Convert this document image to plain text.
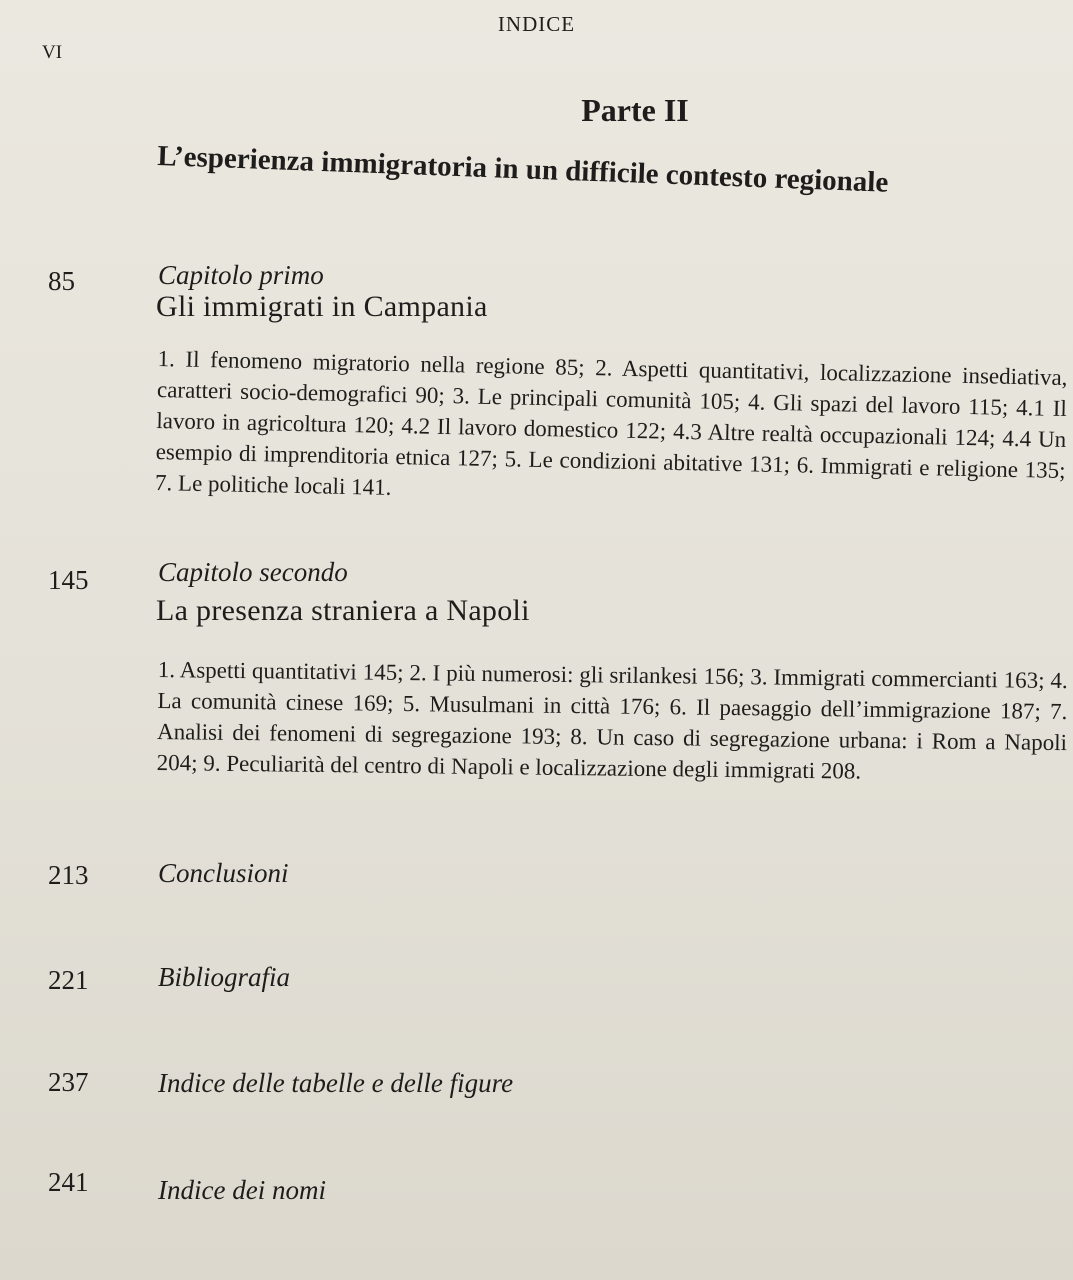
INDICE
VI
Parte II
L’esperienza immigratoria in un difficile contesto regionale
85	Capitolo primo
Gli immigrati in Campania
1. Il fenomeno migratorio nella regione 85; 2. Aspetti quantitativi, localizzazione insediativa, caratteri socio-demografici 90; 3. Le principali comunità 105; 4. Gli spazi del lavoro 115; 4.1 Il lavoro in agricoltura 120; 4.2 Il lavoro domestico 122; 4.3 Altre realtà occupazionali 124; 4.4 Un esempio di imprenditoria etnica 127; 5. Le condizioni abitative 131; 6. Immigrati e religione 135; 7. Le politiche locali 141.
145	Capitolo secondo
La presenza straniera a Napoli
1. Aspetti quantitativi 145; 2. I più numerosi: gli srilankesi 156; 3. Immigrati commercianti 163; 4. La comunità cinese 169; 5. Musulmani in città 176; 6. Il paesaggio dell’immigrazione 187; 7. Analisi dei fenomeni di segregazione 193; 8. Un caso di segregazione urbana: i Rom a Napoli 204; 9. Peculiarità del centro di Napoli e localizzazione degli immigrati 208.
213	Conclusioni
221	Bibliografia
237	Indice delle tabelle e delle figure
241	Indice dei nomi
